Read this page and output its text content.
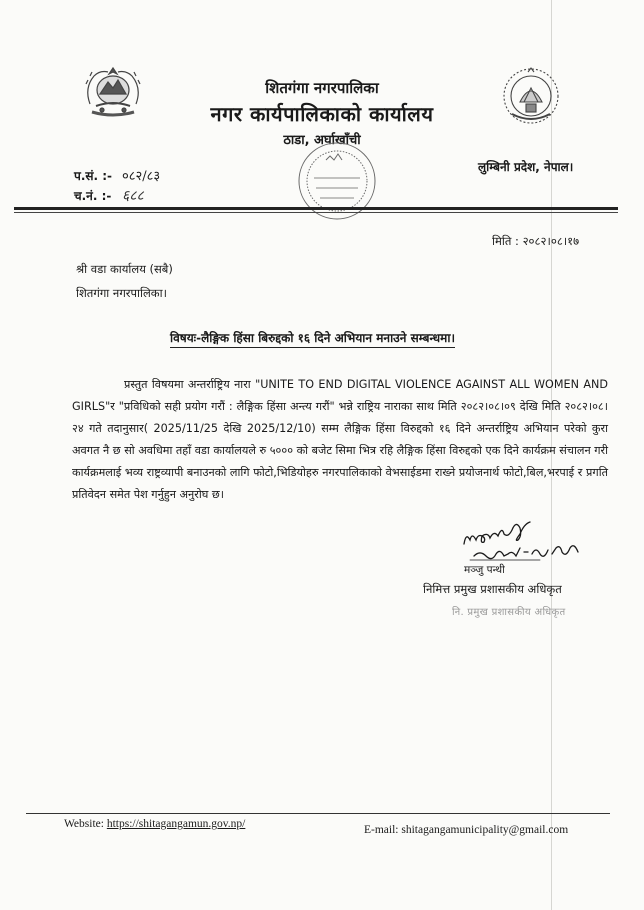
शितगंगा नगरपालिका
नगर कार्यपालिकाको कार्यालय
ठाडा, अर्घाखाँची
प.सं. :- ०८२/८३
च.नं. :- ६८८
लुम्बिनी प्रदेश, नेपाल।
मिति : २०८२।०८।१७
श्री वडा कार्यालय (सबै)
शितगंगा नगरपालिका।
विषयः-लैङ्गिक हिंसा बिरुद्दको १६ दिने अभियान मनाउने सम्बन्धमा।
प्रस्तुत विषयमा अन्तर्राष्ट्रिय नारा "UNITE TO END DIGITAL VIOLENCE AGAINST ALL WOMEN AND GIRLS"र "प्रविधिको सही प्रयोग गरौं : लैङ्गिक हिंसा अन्त्य गरौं" भन्ने राष्ट्रिय नाराका साथ मिति २०८२।०८।०९ देखि मिति २०८२।०८।२४ गते तदानुसार( 2025/11/25 देखि 2025/12/10) सम्म लैङ्गिक हिंसा विरुद्दको १६ दिने अन्तर्राष्ट्रिय अभियान परेको कुरा अवगत नै छ सो अवधिमा तहाँ वडा कार्यालयले रु ५००० को बजेट सिमा भित्र रहि लैङ्गिक हिंसा विरुद्दको एक दिने कार्यक्रम संचालन गरी कार्यक्रमलाई भव्य राष्ट्रव्यापी बनाउनको लागि फोटो,भिडियोहरु नगरपालिकाको वेभसाईडमा राख्ने प्रयोजनार्थ फोटो,बिल,भरपाई र प्रगति प्रतिवेदन समेत पेश गर्नुहुन अनुरोघ छ।
मञ्जु पन्थी
निमित्त प्रमुख प्रशासकीय अधिकृत
नि. प्रमुख प्रशासकीय अधिकृत
Website: https://shitagangamun.gov.np/	E-mail: shitagangamunicipality@gmail.com
